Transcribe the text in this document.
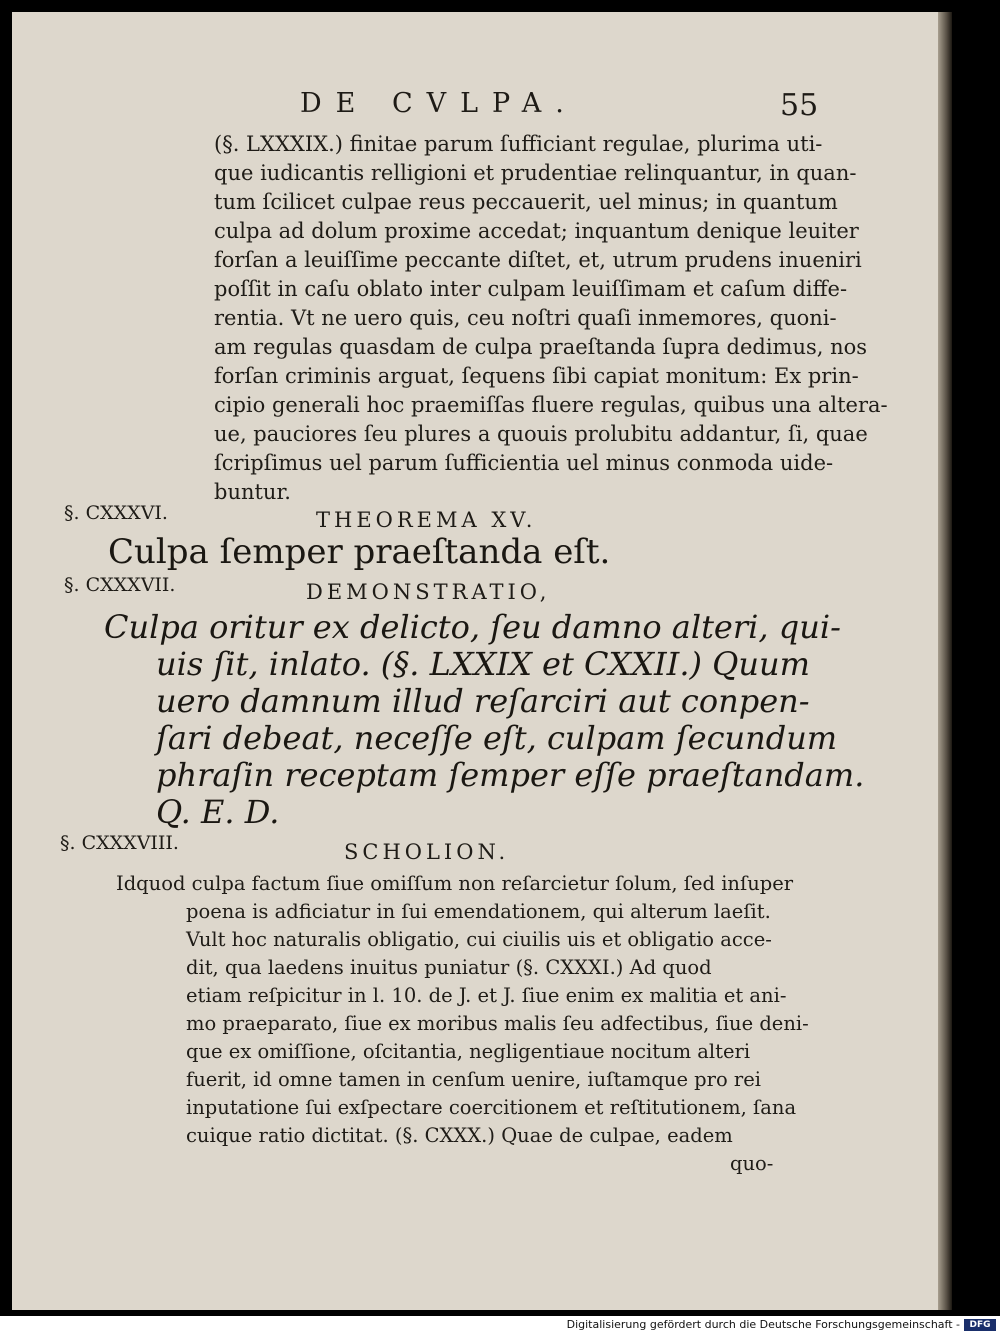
DE CVLPA.	55
(§. LXXXIX.) finitae parum ſufficiant regulae, plurima uti-
que iudicantis relligioni et prudentiae relinquantur, in quan-
tum ſcilicet culpae reus peccauerit, uel minus; in quantum
culpa ad dolum proxime accedat; inquantum denique leuiter
forſan a leuiſſime peccante diſtet, et, utrum prudens inueniri
poſſit in caſu oblato inter culpam leuiſſimam et caſum diffe-
rentia. Vt ne uero quis, ceu noſtri quaſi inmemores, quoni-
am regulas quasdam de culpa praeſtanda ſupra dedimus, nos
forſan criminis arguat, ſequens ſibi capiat monitum: Ex prin-
cipio generali hoc praemiſſas fluere regulas, quibus una altera-
ue, pauciores ſeu plures a quouis prolubitu addantur, ſi, quae
ſcripſimus uel parum ſufficientia uel minus conmoda uide-
buntur.
§. CXXXVI.	THEOREMA XV.
Culpa ſemper praeſtanda eſt.
§. CXXXVII.	DEMONSTRATIO,
Culpa oritur ex delicto, ſeu damno alteri, qui-
uis ſit, inlato. (§. LXXIX et CXXII.) Quum
uero damnum illud reſarciri aut conpen-
ſari debeat, neceſſe eſt, culpam ſecundum
phraſin receptam ſemper eſſe praeſtandam.
Q. E. D.
§. CXXXVIII.	SCHOLION.
Idquod culpa factum ſiue omiſſum non reſarcietur ſolum, ſed inſuper
poena is adficiatur in ſui emendationem, qui alterum laeſit.
Vult hoc naturalis obligatio, cui ciuilis uis et obligatio acce-
dit, qua laedens inuitus puniatur (§. CXXXI.) Ad quod
etiam reſpicitur in l. 10. de J. et J. ſiue enim ex malitia et ani-
mo praeparato, ſiue ex moribus malis ſeu adfectibus, ſiue deni-
que ex omiſſione, oſcitantia, negligentiaue nocitum alteri
fuerit, id omne tamen in cenſum uenire, iuſtamque pro rei
inputatione ſui exſpectare coercitionem et reſtitutionem, ſana
cuique ratio dictitat. (§. CXXX.) Quae de culpae, eadem
quo-
Digitalisierung gefördert durch die Deutsche Forschungsgemeinschaft -	DFG
